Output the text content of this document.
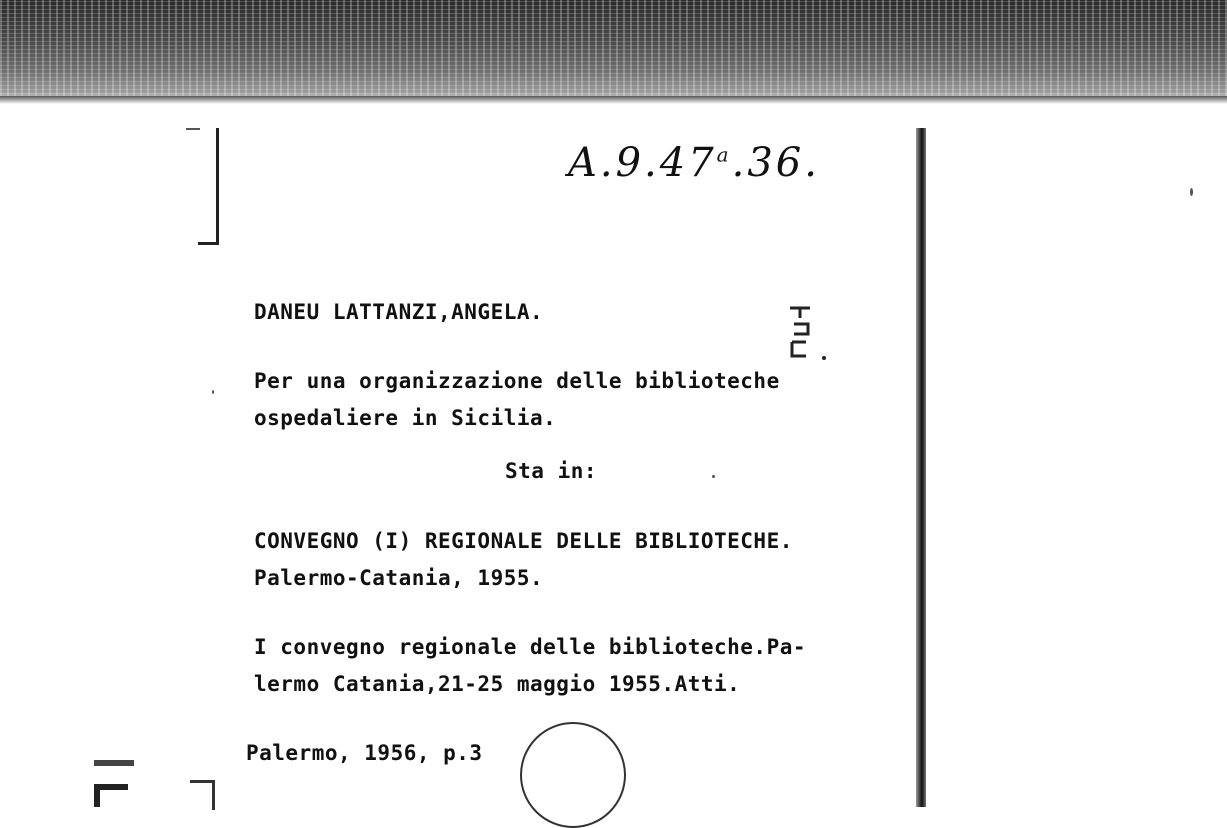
A.9.47$^a$.36.
DANEU LATTANZI,ANGELA.
Per una organizzazione delle biblioteche
ospedaliere in Sicilia.
Sta in:
CONVEGNO (I) REGIONALE DELLE BIBLIOTECHE.
Palermo-Catania, 1955.
I convegno regionale delle biblioteche.Pa-
lermo Catania,21-25 maggio 1955.Atti.
Palermo, 1956, p.3
